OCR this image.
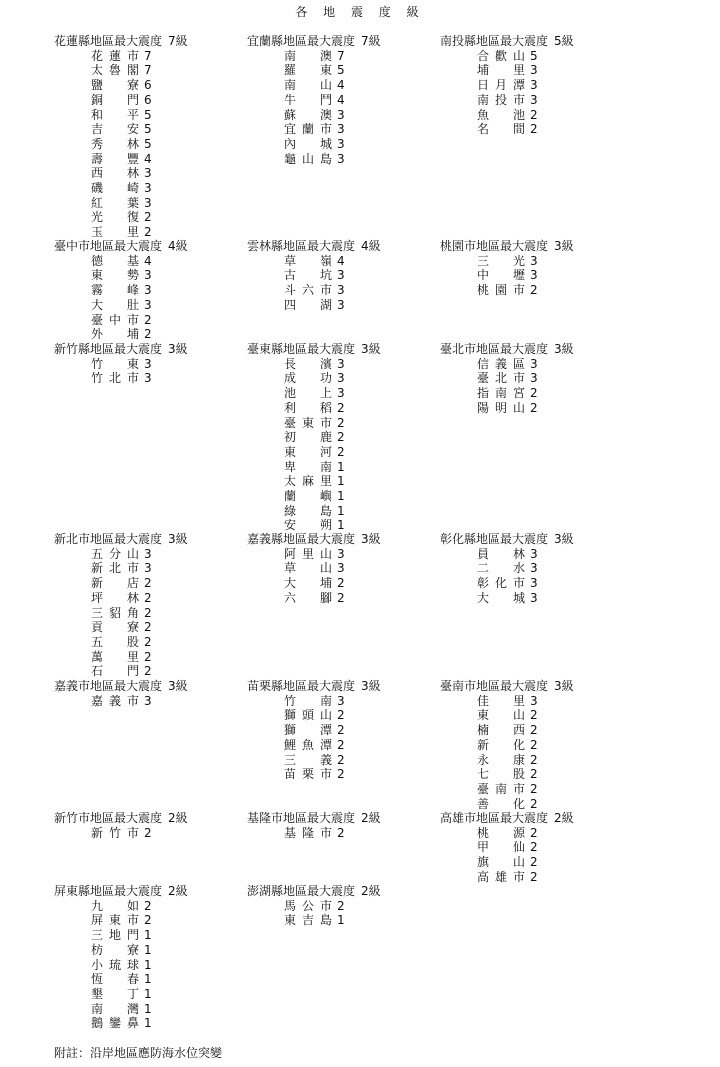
各 地 震 度 級
花蓮縣地區最大震度 7級
花蓮市 7
太魯閣 7
鹽　寮 6
銅　門 6
和　平 5
吉　安 5
秀　林 5
壽　豐 4
西　林 3
磯　崎 3
紅　葉 3
光　復 2
玉　里 2
宜蘭縣地區最大震度 7級
南　澳 7
羅　東 5
南　山 4
牛　鬥 4
蘇　澳 3
宜蘭市 3
內　城 3
龜山島 3
南投縣地區最大震度 5級
合歡山 5
埔　里 3
日月潭 3
南投市 3
魚　池 2
名　間 2
臺中市地區最大震度 4級
德　基 4
東　勢 3
霧　峰 3
大　肚 3
臺中市 2
外　埔 2
雲林縣地區最大震度 4級
草　嶺 4
古　坑 3
斗六市 3
四　湖 3
桃園市地區最大震度 3級
三　光 3
中　壢 3
桃園市 2
新竹縣地區最大震度 3級
竹　東 3
竹北市 3
臺東縣地區最大震度 3級
長　濱 3
成　功 3
池　上 3
利　稻 2
臺東市 2
初　鹿 2
東　河 2
卑　南 1
太麻里 1
蘭　嶼 1
綠　島 1
安　朔 1
臺北市地區最大震度 3級
信義區 3
臺北市 3
指南宮 2
陽明山 2
新北市地區最大震度 3級
五分山 3
新北市 3
新　店 2
坪　林 2
三貂角 2
貢　寮 2
五　股 2
萬　里 2
石　門 2
嘉義縣地區最大震度 3級
阿里山 3
草　山 3
大　埔 2
六　腳 2
彰化縣地區最大震度 3級
員　林 3
二　水 3
彰化市 3
大　城 3
嘉義市地區最大震度 3級
嘉義市 3
苗栗縣地區最大震度 3級
竹　南 3
獅頭山 2
獅　潭 2
鯉魚潭 2
三　義 2
苗栗市 2
臺南市地區最大震度 3級
佳　里 3
東　山 2
楠　西 2
新　化 2
永　康 2
七　股 2
臺南市 2
善　化 2
新竹市地區最大震度 2級
新竹市 2
基隆市地區最大震度 2級
基隆市 2
高雄市地區最大震度 2級
桃　源 2
甲　仙 2
旗　山 2
高雄市 2
屏東縣地區最大震度 2級
九　如 2
屏東市 2
三地門 1
枋　寮 1
小琉球 1
恆　春 1
墾　丁 1
南　灣 1
鵝鑾鼻 1
澎湖縣地區最大震度 2級
馬公市 2
東吉島 1
附註：沿岸地區應防海水位突變
